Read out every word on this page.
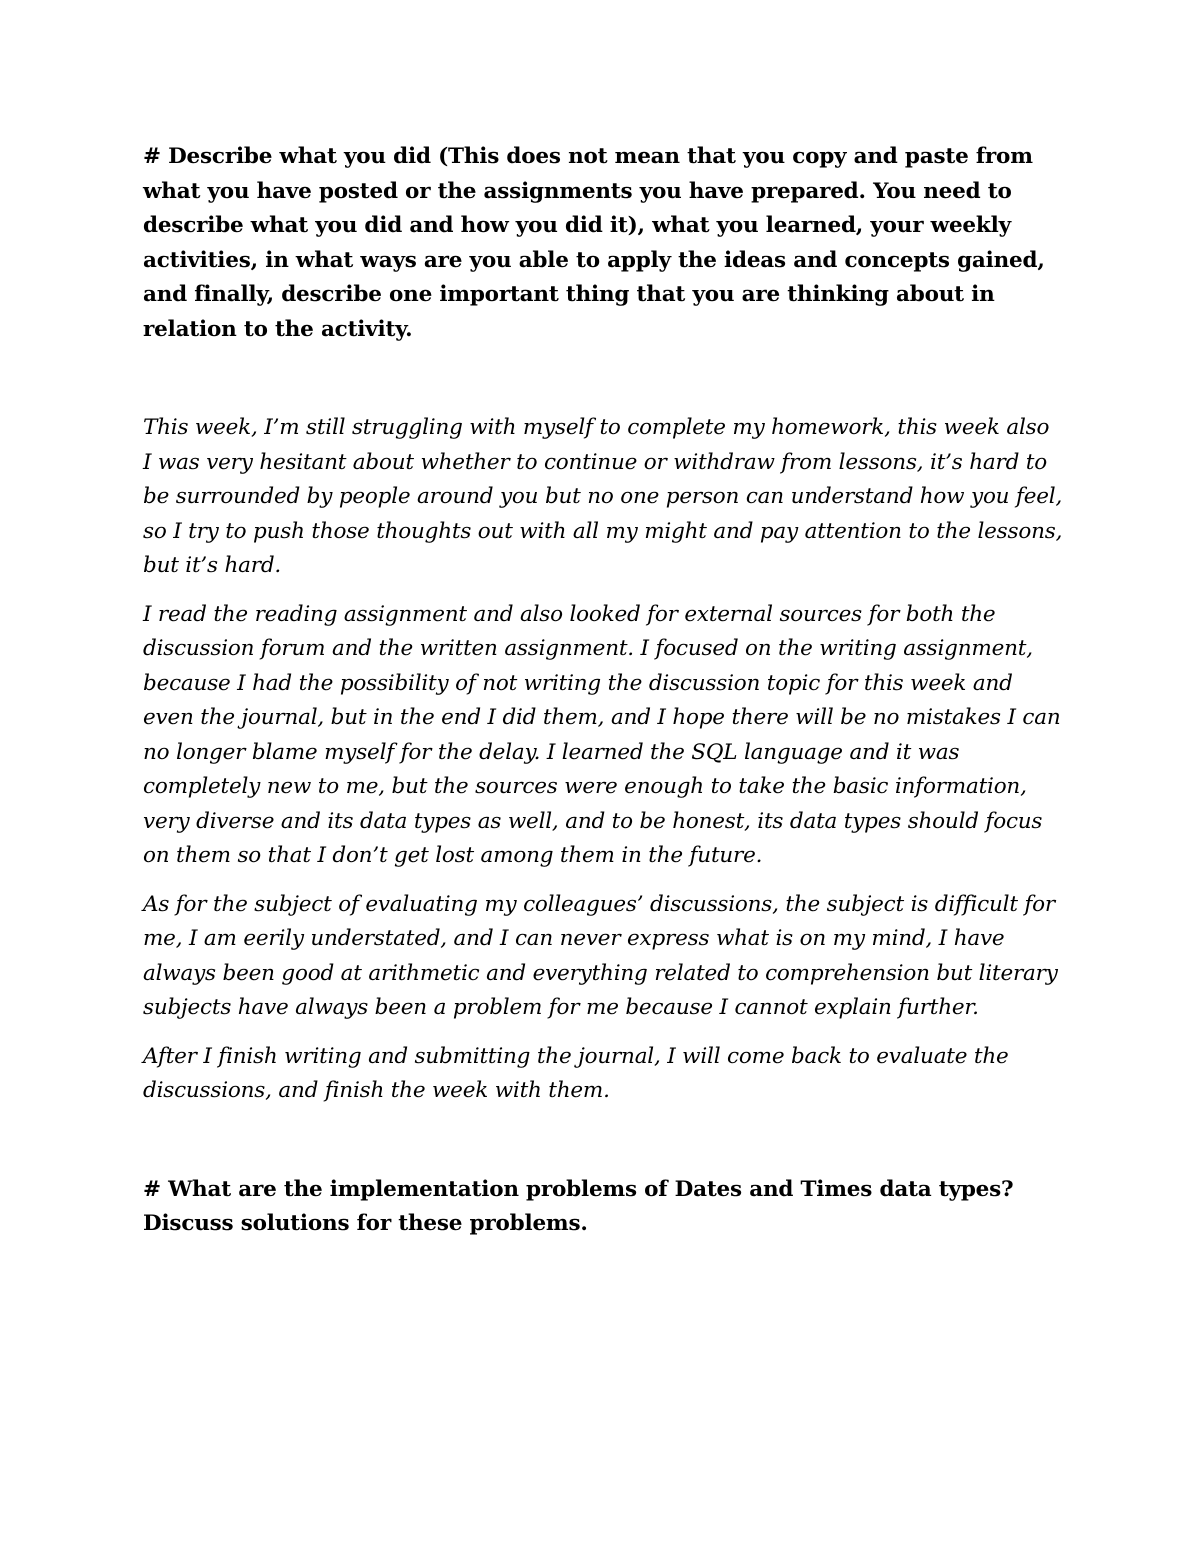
# Describe what you did (This does not mean that you copy and paste from what you have posted or the assignments you have prepared. You need to describe what you did and how you did it), what you learned, your weekly activities, in what ways are you able to apply the ideas and concepts gained, and finally, describe one important thing that you are thinking about in relation to the activity.

This week, I’m still struggling with myself to complete my homework, this week also I was very hesitant about whether to continue or withdraw from lessons, it’s hard to be surrounded by people around you but no one person can understand how you feel, so I try to push those thoughts out with all my might and pay attention to the lessons, but it’s hard.

I read the reading assignment and also looked for external sources for both the discussion forum and the written assignment. I focused on the writing assignment, because I had the possibility of not writing the discussion topic for this week and even the journal, but in the end I did them, and I hope there will be no mistakes I can no longer blame myself for the delay. I learned the SQL language and it was completely new to me, but the sources were enough to take the basic information, very diverse and its data types as well, and to be honest, its data types should focus on them so that I don’t get lost among them in the future.

As for the subject of evaluating my colleagues’ discussions, the subject is difficult for me, I am eerily understated, and I can never express what is on my mind, I have always been good at arithmetic and everything related to comprehension but literary subjects have always been a problem for me because I cannot explain further.

After I finish writing and submitting the journal, I will come back to evaluate the discussions, and finish the week with them.

# What are the implementation problems of Dates and Times data types? Discuss solutions for these problems.
